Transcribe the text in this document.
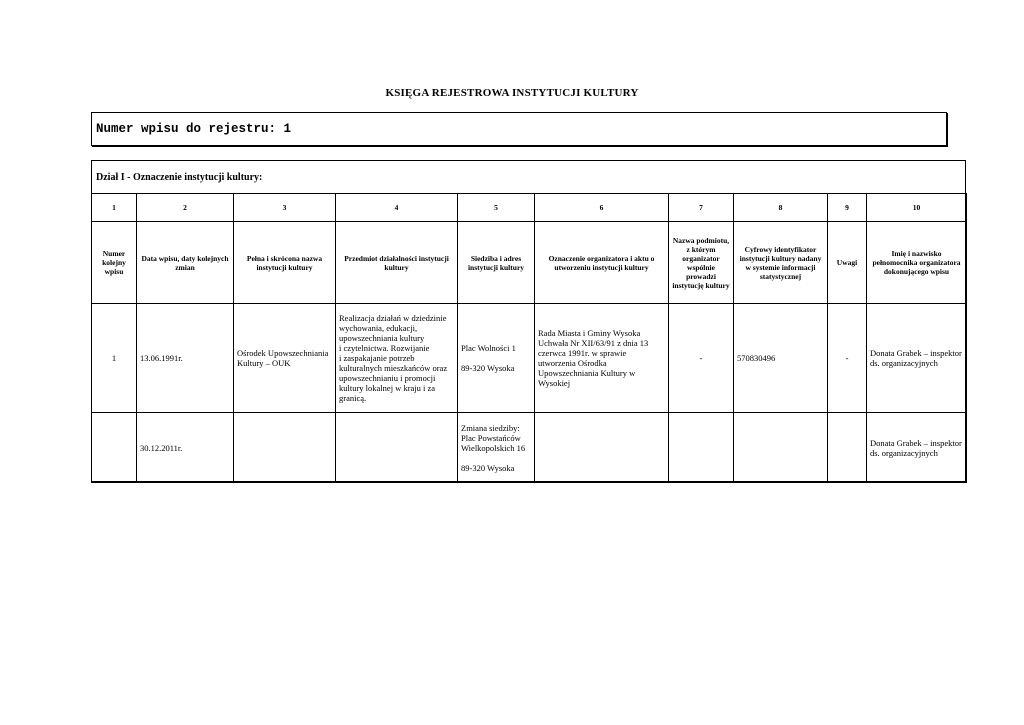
KSIĘGA REJESTROWA INSTYTUCJI KULTURY
Numer wpisu do rejestru: 1
Dział I - Oznaczenie instytucji kultury:
1	2	3	4	5	6	7	8	9	10
Numer kolejny wpisu	Data wpisu, daty kolejnych zmian	Pełna i skrócona nazwa instytucji kultury	Przedmiot działalności instytucji kultury	Siedziba i adres instytucji kultury	Oznaczenie organizatora i aktu o utworzeniu instytucji kultury	Nazwa podmiotu, z którym organizator wspólnie prowadzi instytucję kultury	Cyfrowy identyfikator instytucji kultury nadany w systemie informacji statystycznej	Uwagi	Imię i nazwisko pełnomocnika organizatora dokonującego wpisu
1	13.06.1991r.	Ośrodek Upowszechniania Kultury – OUK	Realizacja działań w dziedzinie wychowania, edukacji, upowszechniania kultury
i czytelnictwa. Rozwijanie
i zaspakajanie potrzeb kulturalnych mieszkańców oraz upowszechnianiu i promocji kultury lokalnej w kraju i za granicą.	Plac Wolności 1

89-320 Wysoka	Rada Miasta i Gminy Wysoka Uchwała Nr XII/63/91 z dnia 13 czerwca 1991r. w sprawie utworzenia Ośrodka Upowszechniania Kultury w Wysokiej	-	570830496	-	Donata Grabek – inspektor ds. organizacyjnych
	30.12.2011r.			Zmiana siedziby:
Plac Powstańców Wielkopolskich 16

89-320 Wysoka					Donata Grabek – inspektor ds. organizacyjnych
